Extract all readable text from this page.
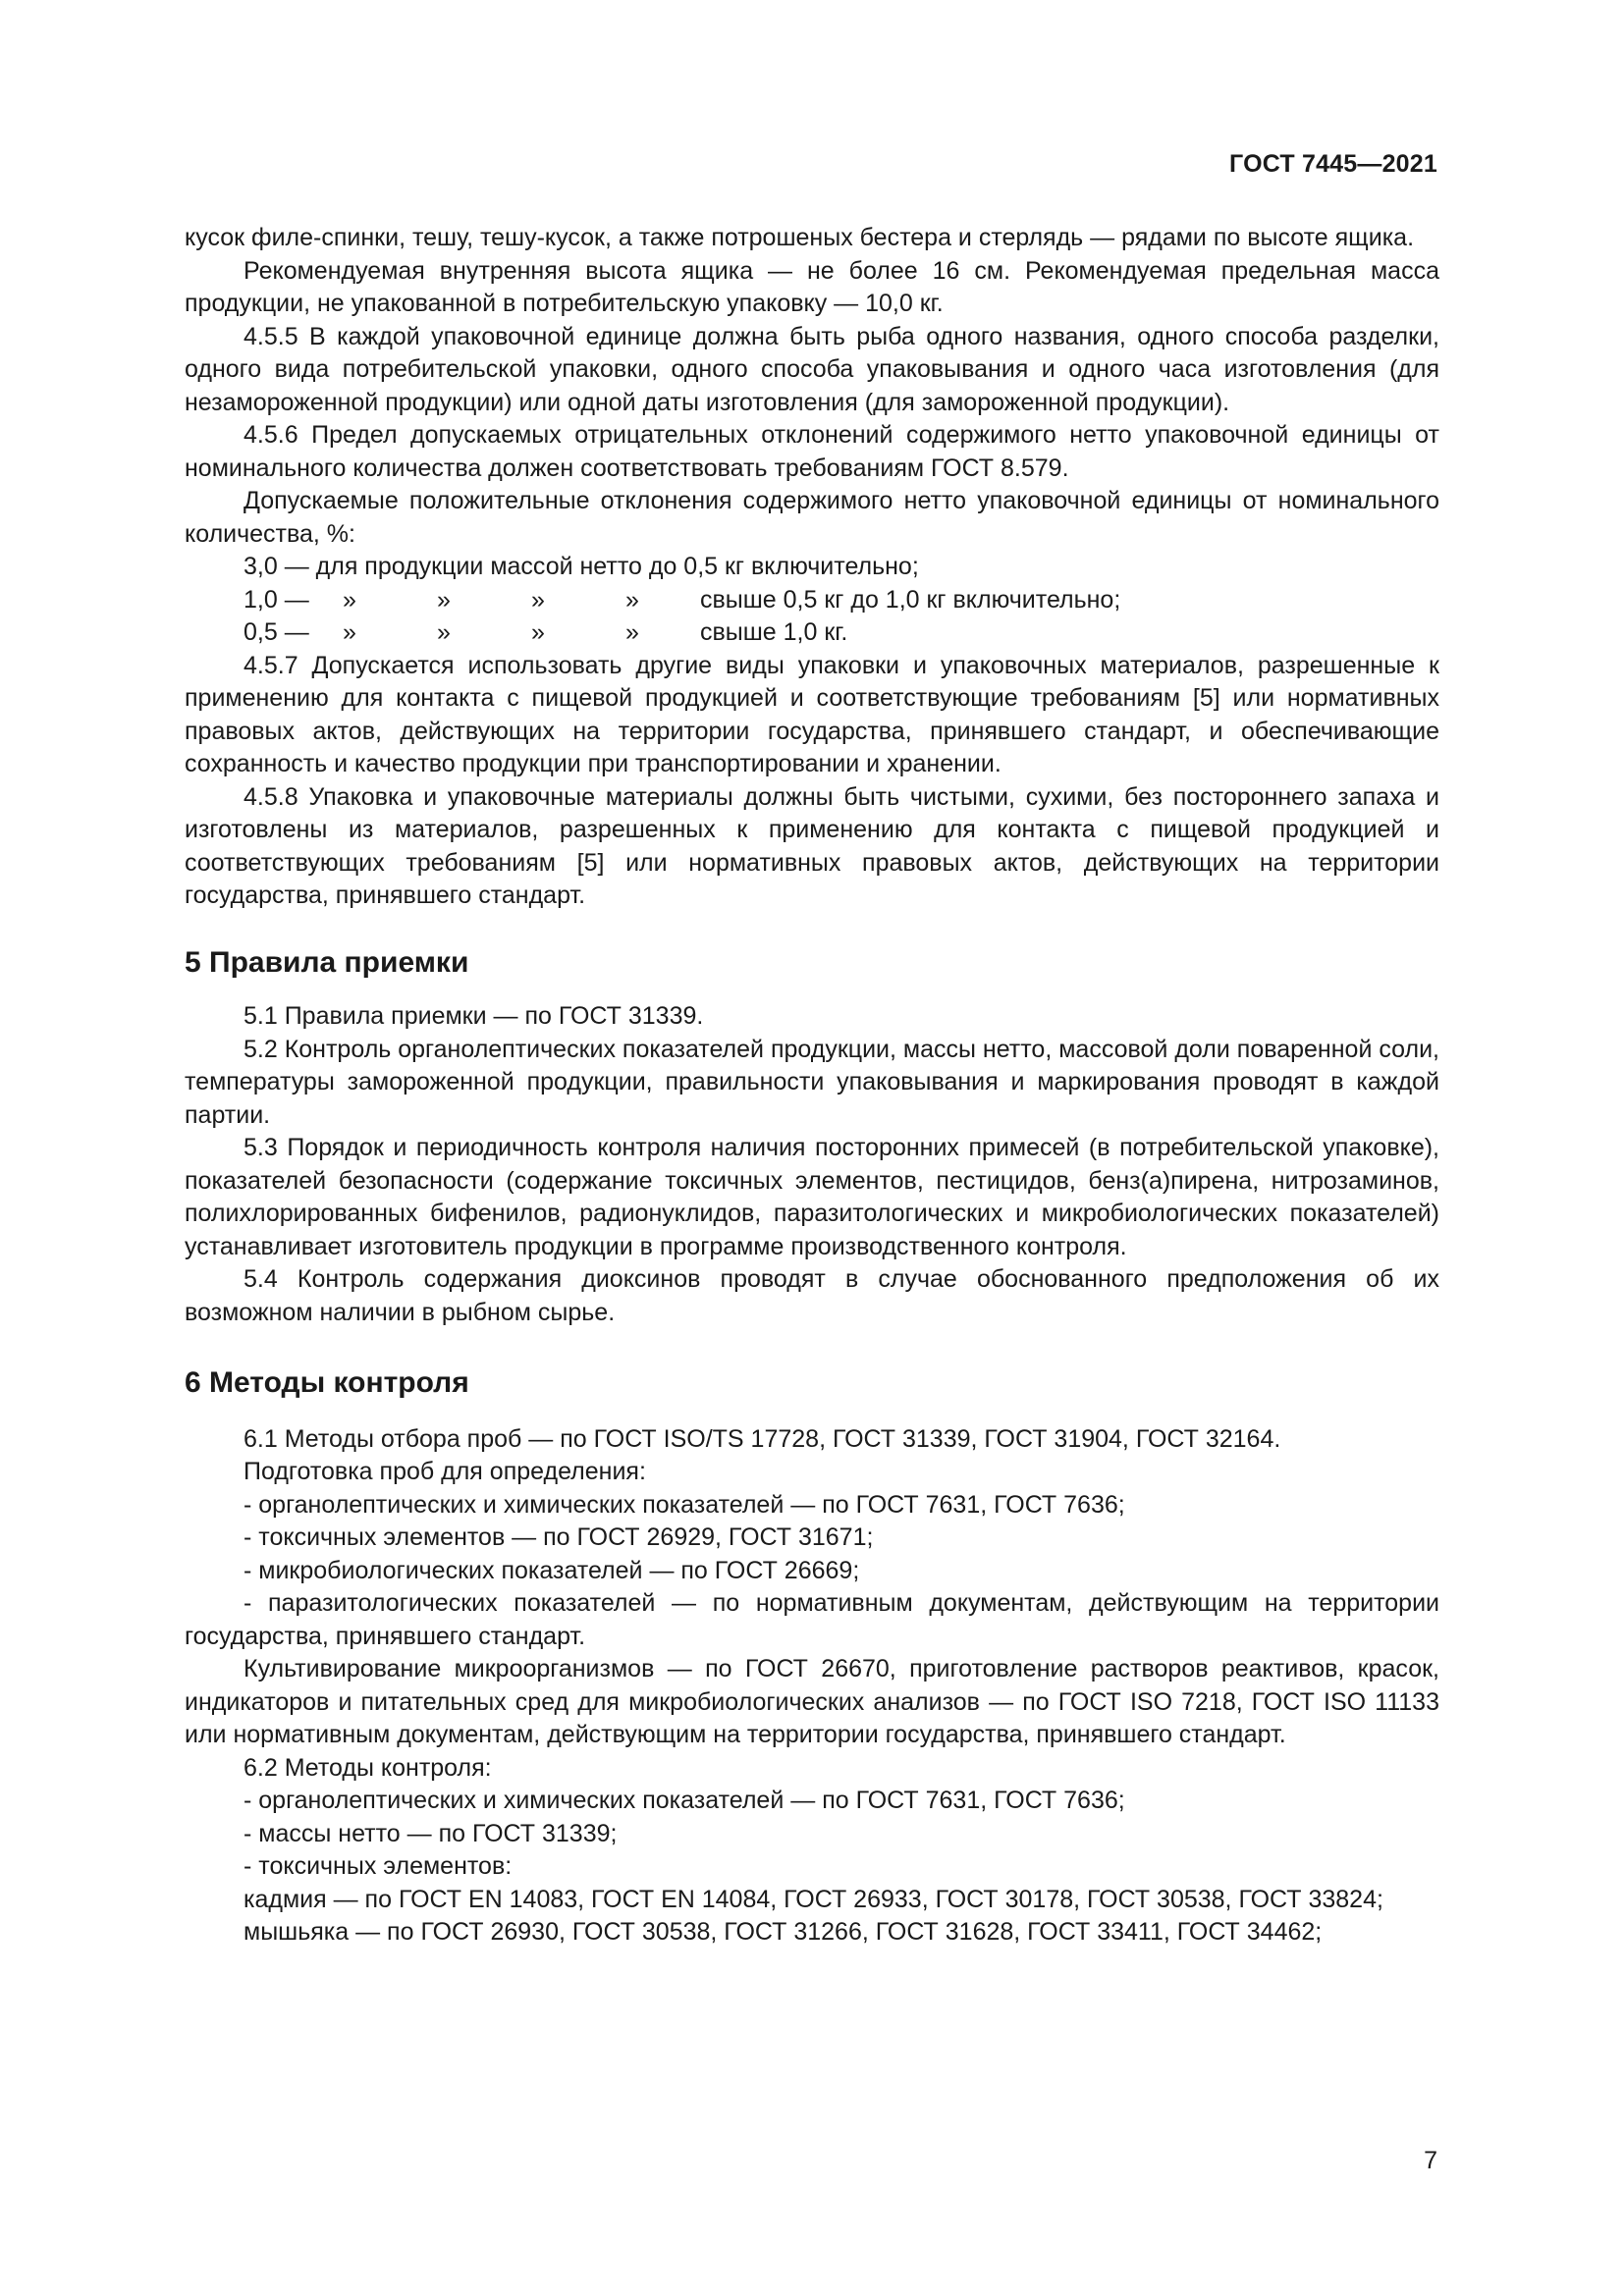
ГОСТ 7445—2021

кусок филе-спинки, тешу, тешу-кусок, а также потрошеных бестера и стерлядь — рядами по высоте ящика.

Рекомендуемая внутренняя высота ящика — не более 16 см. Рекомендуемая предельная масса продукции, не упакованной в потребительскую упаковку — 10,0 кг.

4.5.5 В каждой упаковочной единице должна быть рыба одного названия, одного способа разделки, одного вида потребительской упаковки, одного способа упаковывания и одного часа изготовления (для незамороженной продукции) или одной даты изготовления (для замороженной продукции).

4.5.6 Предел допускаемых отрицательных отклонений содержимого нетто упаковочной единицы от номинального количества должен соответствовать требованиям ГОСТ 8.579.

Допускаемые положительные отклонения содержимого нетто упаковочной единицы от номинального количества, %:

3,0 — для продукции массой нетто до 0,5 кг включительно;

1,0 —	»	»	»	»	свыше 0,5 кг до 1,0 кг включительно;
0,5 —	»	»	»	»	свыше 1,0 кг.

4.5.7 Допускается использовать другие виды упаковки и упаковочных материалов, разрешенные к применению для контакта с пищевой продукцией и соответствующие требованиям [5] или нормативных правовых актов, действующих на территории государства, принявшего стандарт, и обеспечивающие сохранность и качество продукции при транспортировании и хранении.

4.5.8 Упаковка и упаковочные материалы должны быть чистыми, сухими, без постороннего запаха и изготовлены из материалов, разрешенных к применению для контакта с пищевой продукцией и соответствующих требованиям [5] или нормативных правовых актов, действующих на территории государства, принявшего стандарт.

5 Правила приемки

5.1 Правила приемки — по ГОСТ 31339.

5.2 Контроль органолептических показателей продукции, массы нетто, массовой доли поваренной соли, температуры замороженной продукции, правильности упаковывания и маркирования проводят в каждой партии.

5.3 Порядок и периодичность контроля наличия посторонних примесей (в потребительской упаковке), показателей безопасности (содержание токсичных элементов, пестицидов, бенз(а)пирена, нитрозаминов, полихлорированных бифенилов, радионуклидов, паразитологических и микробиологических показателей) устанавливает изготовитель продукции в программе производственного контроля.

5.4 Контроль содержания диоксинов проводят в случае обоснованного предположения об их возможном наличии в рыбном сырье.

6 Методы контроля

6.1 Методы отбора проб — по ГОСТ ISO/TS 17728, ГОСТ 31339, ГОСТ 31904, ГОСТ 32164.

Подготовка проб для определения:

- органолептических и химических показателей — по ГОСТ 7631, ГОСТ 7636;

- токсичных элементов — по ГОСТ 26929, ГОСТ 31671;

- микробиологических показателей — по ГОСТ 26669;

- паразитологических показателей — по нормативным документам, действующим на территории государства, принявшего стандарт.

Культивирование микроорганизмов — по ГОСТ 26670, приготовление растворов реактивов, красок, индикаторов и питательных сред для микробиологических анализов — по ГОСТ ISO 7218, ГОСТ ISO 11133 или нормативным документам, действующим на территории государства, принявшего стандарт.

6.2 Методы контроля:

- органолептических и химических показателей — по ГОСТ 7631, ГОСТ 7636;

- массы нетто — по ГОСТ 31339;

- токсичных элементов:

кадмия — по ГОСТ EN 14083, ГОСТ EN 14084, ГОСТ 26933, ГОСТ 30178, ГОСТ 30538, ГОСТ 33824;

мышьяка — по ГОСТ 26930, ГОСТ 30538, ГОСТ 31266, ГОСТ 31628, ГОСТ 33411, ГОСТ 34462;

7
